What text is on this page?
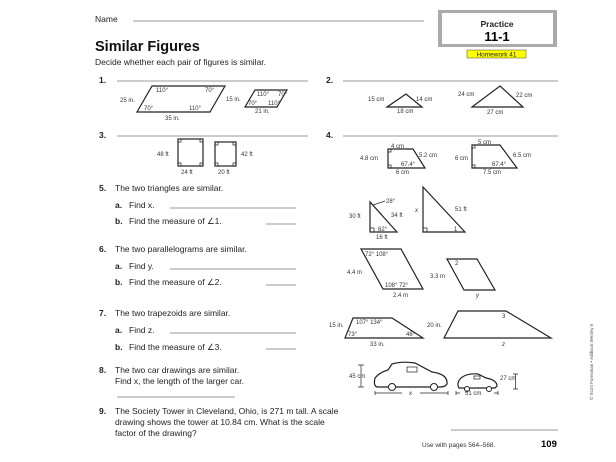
Name	Practice
11-1
Homework 41
Similar Figures
Decide whether each pair of figures is similar.
1.
110°	70°
70°	110°
25 in.
35 in.
110° 70°
70° 110°
15 in.
21 in.
2.
15 cm	14 cm
18 cm
24 cm	22 cm
27 cm
3.
48 ft
24 ft
42 ft
20 ft
4.
4 cm
4.8 cm	5.2 cm
67.4°
6 cm
5 cm
6 cm	6.5 cm
67.4°
7.5 cm
5. The two triangles are similar.
a. Find x.
b. Find the measure of ∠1.
28°
30 ft	34 ft
62°
16 ft
x	51 ft
1
6. The two parallelograms are similar.
a. Find y.
b. Find the measure of ∠2.
72° 108°
4.4 m
108° 72°
2.4 m
2
3.3 m
y
7. The two trapezoids are similar.
a. Find z.
b. Find the measure of ∠3.
15 in. 107° 134°
73°	46°
33 in.
20 in.
3
z
8. The two car drawings are similar.
Find x, the length of the larger car.	45 cm
x
27 cm
51 cm
9. The Society Tower in Cleveland, Ohio, is 271 m tall. A scale
drawing shows the tower at 10.84 cm. What is the scale
factor of the drawing?
Use with pages 564–568.	109
© Scott Foresman • Addison Wesley 6
